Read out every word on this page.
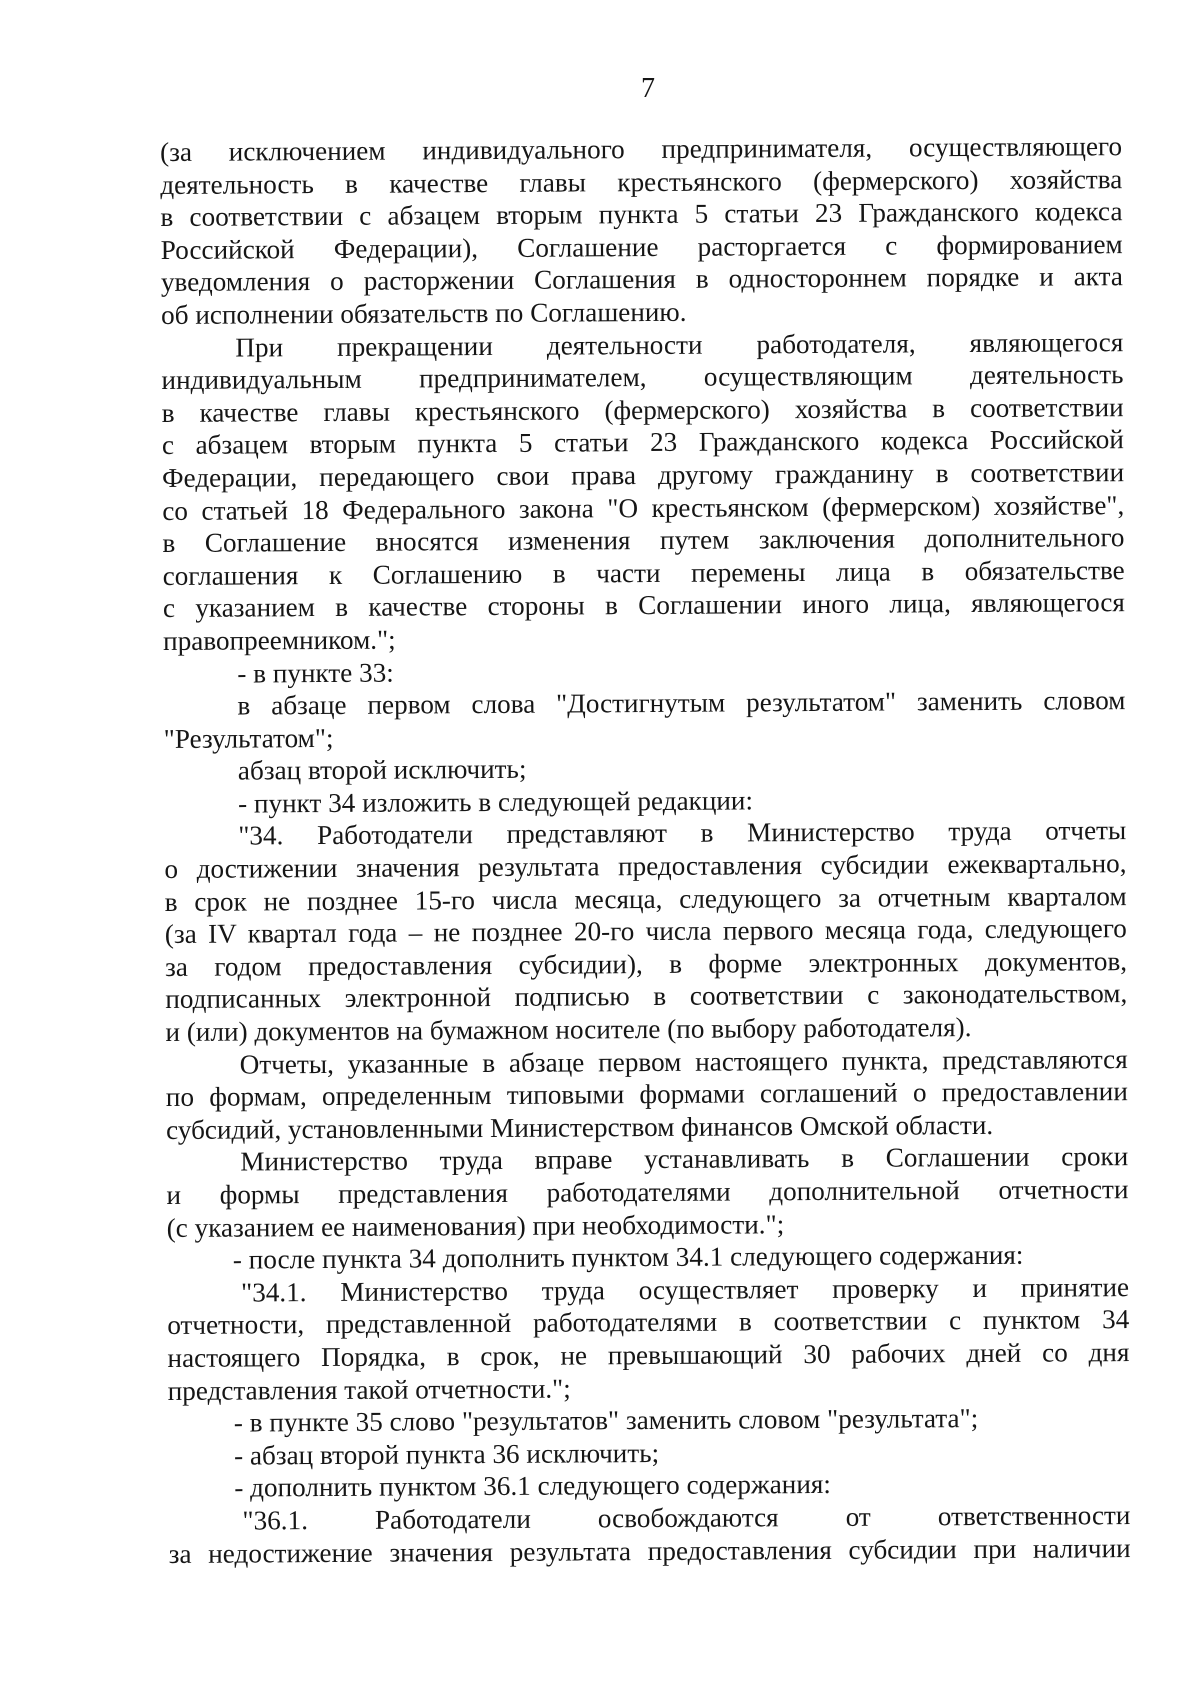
7
(за исключением индивидуального предпринимателя, осуществляющего
деятельность в качестве главы крестьянского (фермерского) хозяйства
в соответствии с абзацем вторым пункта 5 статьи 23 Гражданского кодекса
Российской Федерации), Соглашение расторгается с формированием
уведомления о расторжении Соглашения в одностороннем порядке и акта
об исполнении обязательств по Соглашению.
При прекращении деятельности работодателя, являющегося
индивидуальным предпринимателем, осуществляющим деятельность
в качестве главы крестьянского (фермерского) хозяйства в соответствии
с абзацем вторым пункта 5 статьи 23 Гражданского кодекса Российской
Федерации, передающего свои права другому гражданину в соответствии
со статьей 18 Федерального закона "О крестьянском (фермерском) хозяйстве",
в Соглашение вносятся изменения путем заключения дополнительного
соглашения к Соглашению в части перемены лица в обязательстве
с указанием в качестве стороны в Соглашении иного лица, являющегося
правопреемником.";
- в пункте 33:
в абзаце первом слова "Достигнутым результатом" заменить словом
"Результатом";
абзац второй исключить;
- пункт 34 изложить в следующей редакции:
"34. Работодатели представляют в Министерство труда отчеты
о достижении значения результата предоставления субсидии ежеквартально,
в срок не позднее 15-го числа месяца, следующего за отчетным кварталом
(за IV квартал года – не позднее 20-го числа первого месяца года, следующего
за годом предоставления субсидии), в форме электронных документов,
подписанных электронной подписью в соответствии с законодательством,
и (или) документов на бумажном носителе (по выбору работодателя).
Отчеты, указанные в абзаце первом настоящего пункта, представляются
по формам, определенным типовыми формами соглашений о предоставлении
субсидий, установленными Министерством финансов Омской области.
Министерство труда вправе устанавливать в Соглашении сроки
и формы представления работодателями дополнительной отчетности
(с указанием ее наименования) при необходимости.";
- после пункта 34 дополнить пунктом 34.1 следующего содержания:
"34.1. Министерство труда осуществляет проверку и принятие
отчетности, представленной работодателями в соответствии с пунктом 34
настоящего Порядка, в срок, не превышающий 30 рабочих дней со дня
представления такой отчетности.";
- в пункте 35 слово "результатов" заменить словом "результата";
- абзац второй пункта 36 исключить;
- дополнить пунктом 36.1 следующего содержания:
"36.1. Работодатели освобождаются от ответственности
за недостижение значения результата предоставления субсидии при наличии
